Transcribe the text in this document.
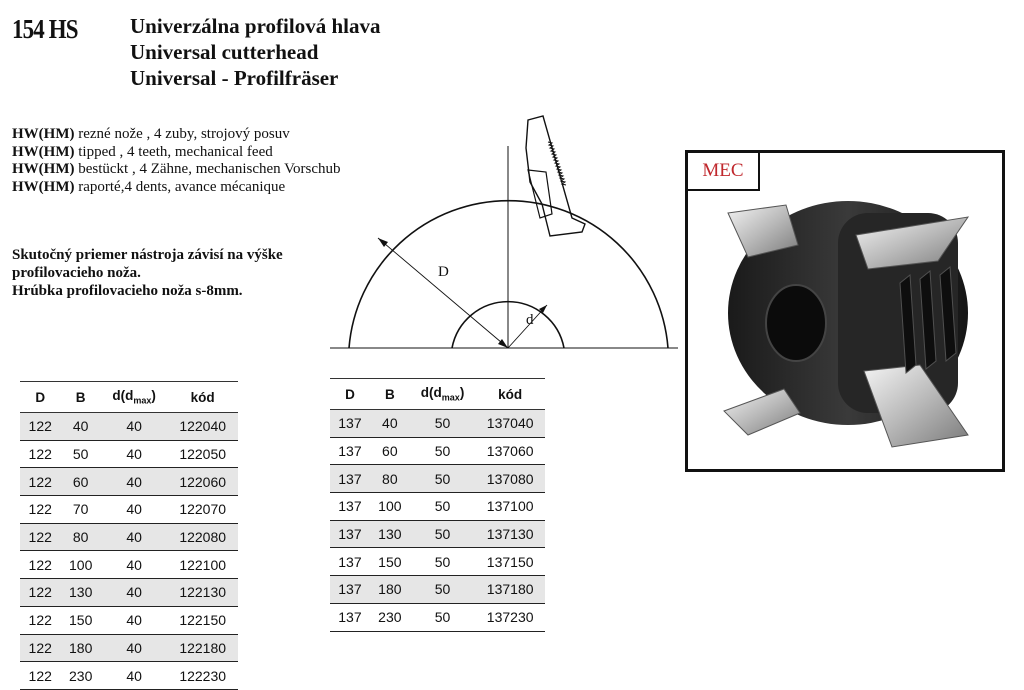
154 HS Univerzálna profilová hlava
Universal cutterhead
Universal - Profilfräser
HW(HM) rezné nože , 4 zuby, strojový posuv
HW(HM) tipped , 4 teeth, mechanical feed
HW(HM) bestückt , 4 Zähne, mechanischen Vorschub
HW(HM) raporté,4 dents, avance mécanique
Skutočný priemer nástroja závisí na výške profilovacieho noža.
Hrúbka profilovacieho noža s-8mm.
D
d
MEC
D	B	$d(d_{max})$	kód
122	40	40	122040
122	50	40	122050
122	60	40	122060
122	70	40	122070
122	80	40	122080
122	100	40	122100
122	130	40	122130
122	150	40	122150
122	180	40	122180
122	230	40	122230
D	B	$d(d_{max})$	kód
137	40	50	137040
137	60	50	137060
137	80	50	137080
137	100	50	137100
137	130	50	137130
137	150	50	137150
137	180	50	137180
137	230	50	137230
